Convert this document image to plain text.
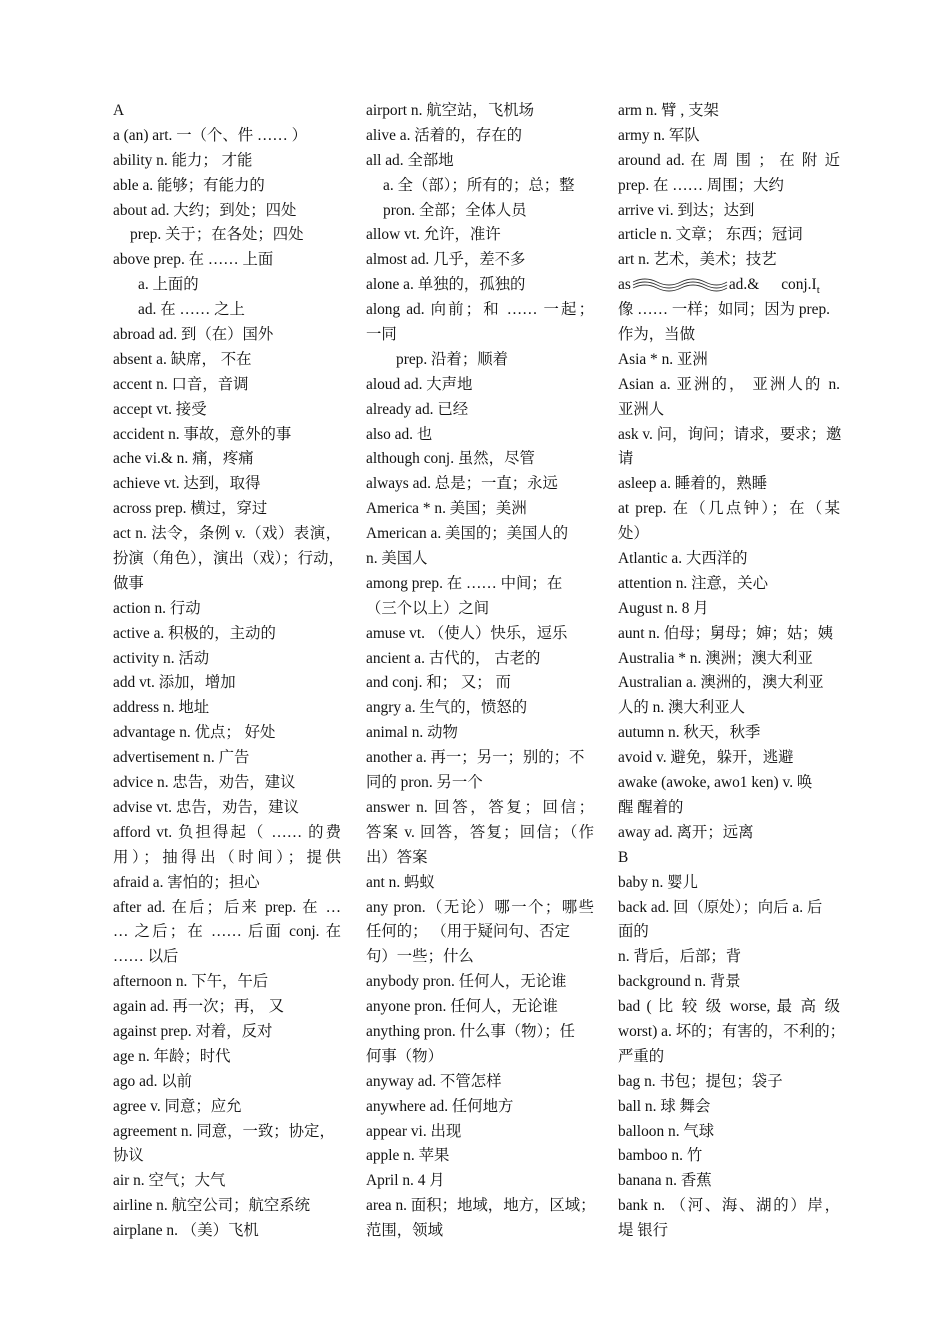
A
a (an) art. 一（个、件 …… ）
ability n. 能力； 才能
able a. 能够；有能力的
about ad. 大约；到处；四处
prep. 关于；在各处；四处
above prep. 在 …… 上面
a. 上面的
ad. 在 …… 之上
abroad ad. 到（在）国外
absent a. 缺席， 不在
accent n. 口音，音调
accept vt. 接受
accident n. 事故，意外的事
ache vi.& n. 痛，疼痛
achieve vt. 达到，取得
across prep. 横过，穿过
act n. 法令，条例 v.（戏）表演，
扮演（角色），演出（戏）；行动，
做事
action n. 行动
active a. 积极的，主动的
activity n. 活动
add vt. 添加，增加
address n. 地址
advantage n. 优点； 好处
advertisement n. 广告
advice n. 忠告，劝告，建议
advise vt. 忠告，劝告，建议
afford vt. 负担得起（ …… 的费
用）；抽得出（时间）；提供
afraid a. 害怕的；担心
after ad. 在后；后来 prep. 在 …
… 之后；在 …… 后面 conj. 在
…… 以后
afternoon n. 下午，午后
again ad. 再一次；再， 又
against prep. 对着，反对
age n. 年龄；时代
ago ad. 以前
agree v. 同意；应允
agreement n. 同意，一致；协定，
协议
air n. 空气；大气
airline n. 航空公司；航空系统
airplane n. （美）飞机
airport n. 航空站，飞机场
alive a. 活着的，存在的
all ad. 全部地
a. 全（部）；所有的；总；整
pron. 全部；全体人员
allow vt. 允许，准许
almost ad. 几乎，差不多
alone a. 单独的，孤独的
along ad. 向前；和 …… 一起；
一同
prep. 沿着；顺着
aloud ad. 大声地
already ad. 已经
also ad. 也
although conj. 虽然，尽管
always ad. 总是；一直；永远
America * n. 美国；美洲
American a. 美国的；美国人的
n. 美国人
among prep. 在 …… 中间；在
（三个以上）之间
amuse vt. （使人）快乐，逗乐
ancient a. 古代的， 古老的
and conj. 和； 又； 而
angry a. 生气的，愤怒的
animal n. 动物
another a. 再一；另一；别的；不
同的 pron. 另一个
answer n. 回答，答复；回信；
答案 v. 回答，答复；回信；（作
出）答案
ant n. 蚂蚁
any pron.（无论）哪一个；哪些
任何的； （用于疑问句、否定
句）一些；什么
anybody pron. 任何人，无论谁
anyone pron. 任何人，无论谁
anything pron. 什么事（物）；任
何事（物）
anyway ad. 不管怎样
anywhere ad. 任何地方
appear vi. 出现
apple n. 苹果
April n. 4 月
area n. 面积；地域，地方，区域；
范围，领域
arm n. 臂 , 支架
army n. 军队
around ad. 在 周 围 ； 在 附 近
prep. 在 …… 周围；大约
arrive vi. 到达；达到
article n. 文章； 东西；冠词
art n. 艺术，美术；技艺
as	ad.& $conj.I_t$
像 …… 一样；如同；因为 prep.
作为，当做
Asia * n. 亚洲
Asian a. 亚洲的， 亚洲人的 n.
亚洲人
ask v. 问，询问；请求，要求；邀
请
asleep a. 睡着的，熟睡
at prep. 在（几点钟）；在（某
处）
Atlantic a. 大西洋的
attention n. 注意，关心
August n. 8 月
aunt n. 伯母；舅母；婶；姑；姨
Australia * n. 澳洲；澳大利亚
Australian a. 澳洲的，澳大利亚
人的 n. 澳大利亚人
autumn n. 秋天，秋季
avoid v. 避免，躲开，逃避
awake (awoke, awo1 ken) v. 唤
醒 醒着的
away ad. 离开；远离
B
baby n. 婴儿
back ad. 回（原处）；向后 a. 后
面的
n. 背后，后部；背
background n. 背景
bad ( 比 较 级 worse, 最 高 级
worst) a. 坏的；有害的，不利的；
严重的
bag n. 书包；提包；袋子
ball n. 球 舞会
balloon n. 气球
bamboo n. 竹
banana n. 香蕉
bank n. （河、海、湖的）岸，
堤 银行
